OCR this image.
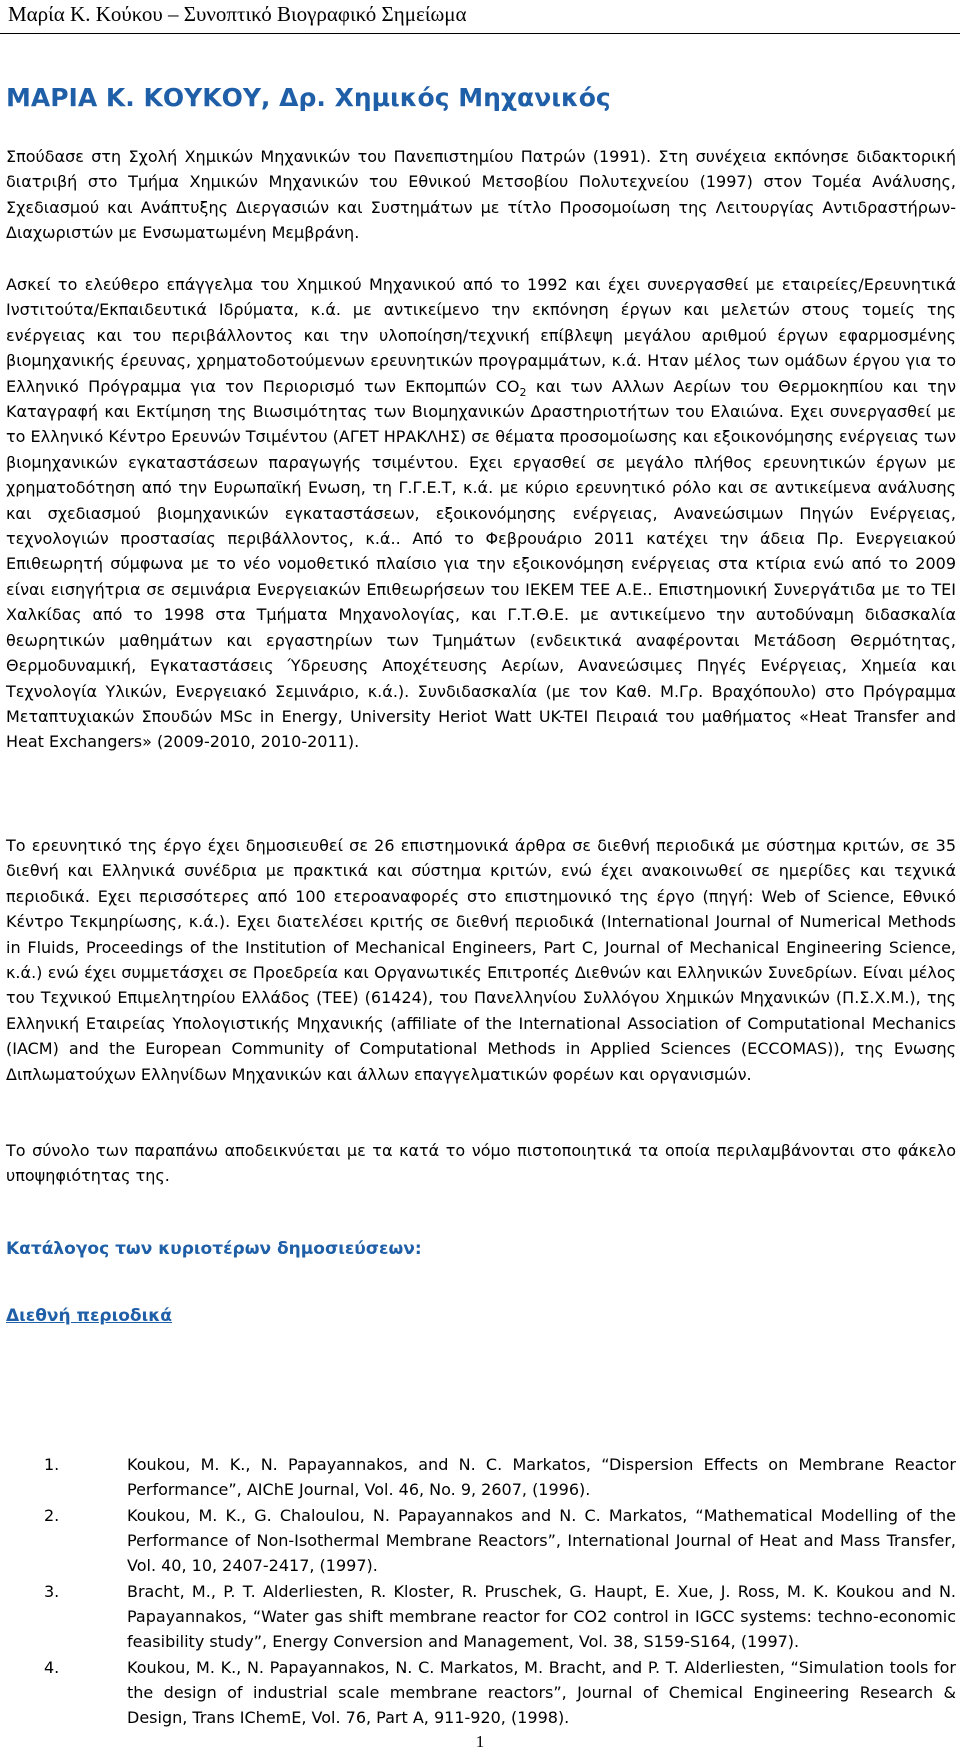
Μαρία Κ. Κούκου – Συνοπτικό Βιογραφικό Σημείωμα
ΜΑΡΙΑ Κ. ΚΟΥΚΟΥ, Δρ. Χημικός Μηχανικός

Σπούδασε στη Σχολή Χημικών Μηχανικών του Πανεπιστημίου Πατρών (1991). Στη συνέχεια εκπόνησε διδακτορική διατριβή στο Τμήμα Χημικών Μηχανικών του Εθνικού Μετσοβίου Πολυτεχνείου (1997) στον Τομέα Ανάλυσης, Σχεδιασμού και Ανάπτυξης Διεργασιών και Συστημάτων με τίτλο Προσομοίωση της Λειτουργίας Αντιδραστήρων-Διαχωριστών με Ενσωματωμένη Μεμβράνη.

Ασκεί το ελεύθερο επάγγελμα του Χημικού Μηχανικού από το 1992 και έχει συνεργασθεί με εταιρείες/Ερευνητικά Ινστιτούτα/Εκπαιδευτικά Ιδρύματα, κ.ά. με αντικείμενο την εκπόνηση έργων και μελετών στους τομείς της ενέργειας και του περιβάλλοντος και την υλοποίηση/τεχνική επίβλεψη μεγάλου αριθμού έργων εφαρμοσμένης βιομηχανικής έρευνας, χρηματοδοτούμενων ερευνητικών προγραμμάτων, κ.ά. Ηταν μέλος των ομάδων έργου για το Ελληνικό Πρόγραμμα για τον Περιορισμό των Εκπομπών $CO_2$ και των Αλλων Αερίων του Θερμοκηπίου και την Καταγραφή και Εκτίμηση της Βιωσιμότητας των Βιομηχανικών Δραστηριοτήτων του Ελαιώνα. Εχει συνεργασθεί με το Ελληνικό Κέντρο Ερευνών Τσιμέντου (ΑΓΕΤ ΗΡΑΚΛΗΣ) σε θέματα προσομοίωσης και εξοικονόμησης ενέργειας των βιομηχανικών εγκαταστάσεων παραγωγής τσιμέντου. Εχει εργασθεί σε μεγάλο πλήθος ερευνητικών έργων με χρηματοδότηση από την Ευρωπαϊκή Ενωση, τη Γ.Γ.Ε.Τ, κ.ά. με κύριο ερευνητικό ρόλο και σε αντικείμενα ανάλυσης και σχεδιασμού βιομηχανικών εγκαταστάσεων, εξοικονόμησης ενέργειας, Ανανεώσιμων Πηγών Ενέργειας, τεχνολογιών προστασίας περιβάλλοντος, κ.ά.. Από το Φεβρουάριο 2011 κατέχει την άδεια Πρ. Ενεργειακού Επιθεωρητή σύμφωνα με το νέο νομοθετικό πλαίσιο για την εξοικονόμηση ενέργειας στα κτίρια ενώ από το 2009 είναι εισηγήτρια σε σεμινάρια Ενεργειακών Επιθεωρήσεων του ΙΕΚΕΜ ΤΕΕ Α.Ε.. Επιστημονική Συνεργάτιδα με το ΤΕΙ Χαλκίδας από το 1998 στα Τμήματα Μηχανολογίας, και Γ.Τ.Θ.Ε. με αντικείμενο την αυτοδύναμη διδασκαλία θεωρητικών μαθημάτων και εργαστηρίων των Τμημάτων (ενδεικτικά αναφέρονται Μετάδοση Θερμότητας, Θερμοδυναμική, Εγκαταστάσεις Ύδρευσης Αποχέτευσης Αερίων, Ανανεώσιμες Πηγές Ενέργειας, Χημεία και Τεχνολογία Υλικών, Ενεργειακό Σεμινάριο, κ.ά.). Συνδιδασκαλία (με τον Καθ. Μ.Γρ. Βραχόπουλο) στο Πρόγραμμα Μεταπτυχιακών Σπουδών MSc in Energy, University Heriot Watt UK-TEI Πειραιά του μαθήματος «Heat Transfer and Heat Exchangers» (2009-2010, 2010-2011).

Το ερευνητικό της έργο έχει δημοσιευθεί σε 26 επιστημονικά άρθρα σε διεθνή περιοδικά με σύστημα κριτών, σε 35 διεθνή και Ελληνικά συνέδρια με πρακτικά και σύστημα κριτών, ενώ έχει ανακοινωθεί σε ημερίδες και τεχνικά περιοδικά. Εχει περισσότερες από 100 ετεροαναφορές στο επιστημονικό της έργο (πηγή: Web of Science, Εθνικό Κέντρο Τεκμηρίωσης, κ.ά.). Εχει διατελέσει κριτής σε διεθνή περιοδικά (International Journal of Numerical Methods in Fluids, Proceedings of the Institution of Mechanical Engineers, Part C, Journal of Mechanical Engineering Science, κ.ά.) ενώ έχει συμμετάσχει σε Προεδρεία και Οργανωτικές Επιτροπές Διεθνών και Ελληνικών Συνεδρίων. Είναι μέλος του Τεχνικού Επιμελητηρίου Ελλάδος (ΤΕΕ) (61424), του Πανελληνίου Συλλόγου Χημικών Μηχανικών (Π.Σ.Χ.Μ.), της Ελληνική Εταιρείας Υπολογιστικής Μηχανικής (affiliate of the International Association of Computational Mechanics (IACM) and the European Community of Computational Methods in Applied Sciences (ECCOMAS)), της Ενωσης Διπλωματούχων Ελληνίδων Μηχανικών και άλλων επαγγελματικών φορέων και οργανισμών.

Το σύνολο των παραπάνω αποδεικνύεται με τα κατά το νόμο πιστοποιητικά τα οποία περιλαμβάνονται στο φάκελο υποψηφιότητας της.

Κατάλογος των κυριοτέρων δημοσιεύσεων:
Διεθνή περιοδικά
1.	Koukou, M. K., N. Papayannakos, and N. C. Markatos, “Dispersion Effects on Membrane Reactor Performance”, AIChE Journal, Vol. 46, No. 9, 2607, (1996).
2.	Koukou, M. K., G. Chaloulou, N. Papayannakos and N. C. Markatos, “Mathematical Modelling of the Performance of Non-Isothermal Membrane Reactors”, International Journal of Heat and Mass Transfer, Vol. 40, 10, 2407-2417, (1997).
3.	Bracht, M., P. T. Alderliesten, R. Kloster, R. Pruschek, G. Haupt, E. Xue, J. Ross, M. K. Koukou and N. Papayannakos, “Water gas shift membrane reactor for CO2 control in IGCC systems: techno-economic feasibility study”, Energy Conversion and Management, Vol. 38, S159-S164, (1997).
4.	Koukou, M. K., N. Papayannakos, N. C. Markatos, M. Bracht, and P. T. Alderliesten, “Simulation tools for the design of industrial scale membrane reactors”, Journal of Chemical Engineering Research & Design, Trans IChemE, Vol. 76, Part A, 911-920, (1998).
1
